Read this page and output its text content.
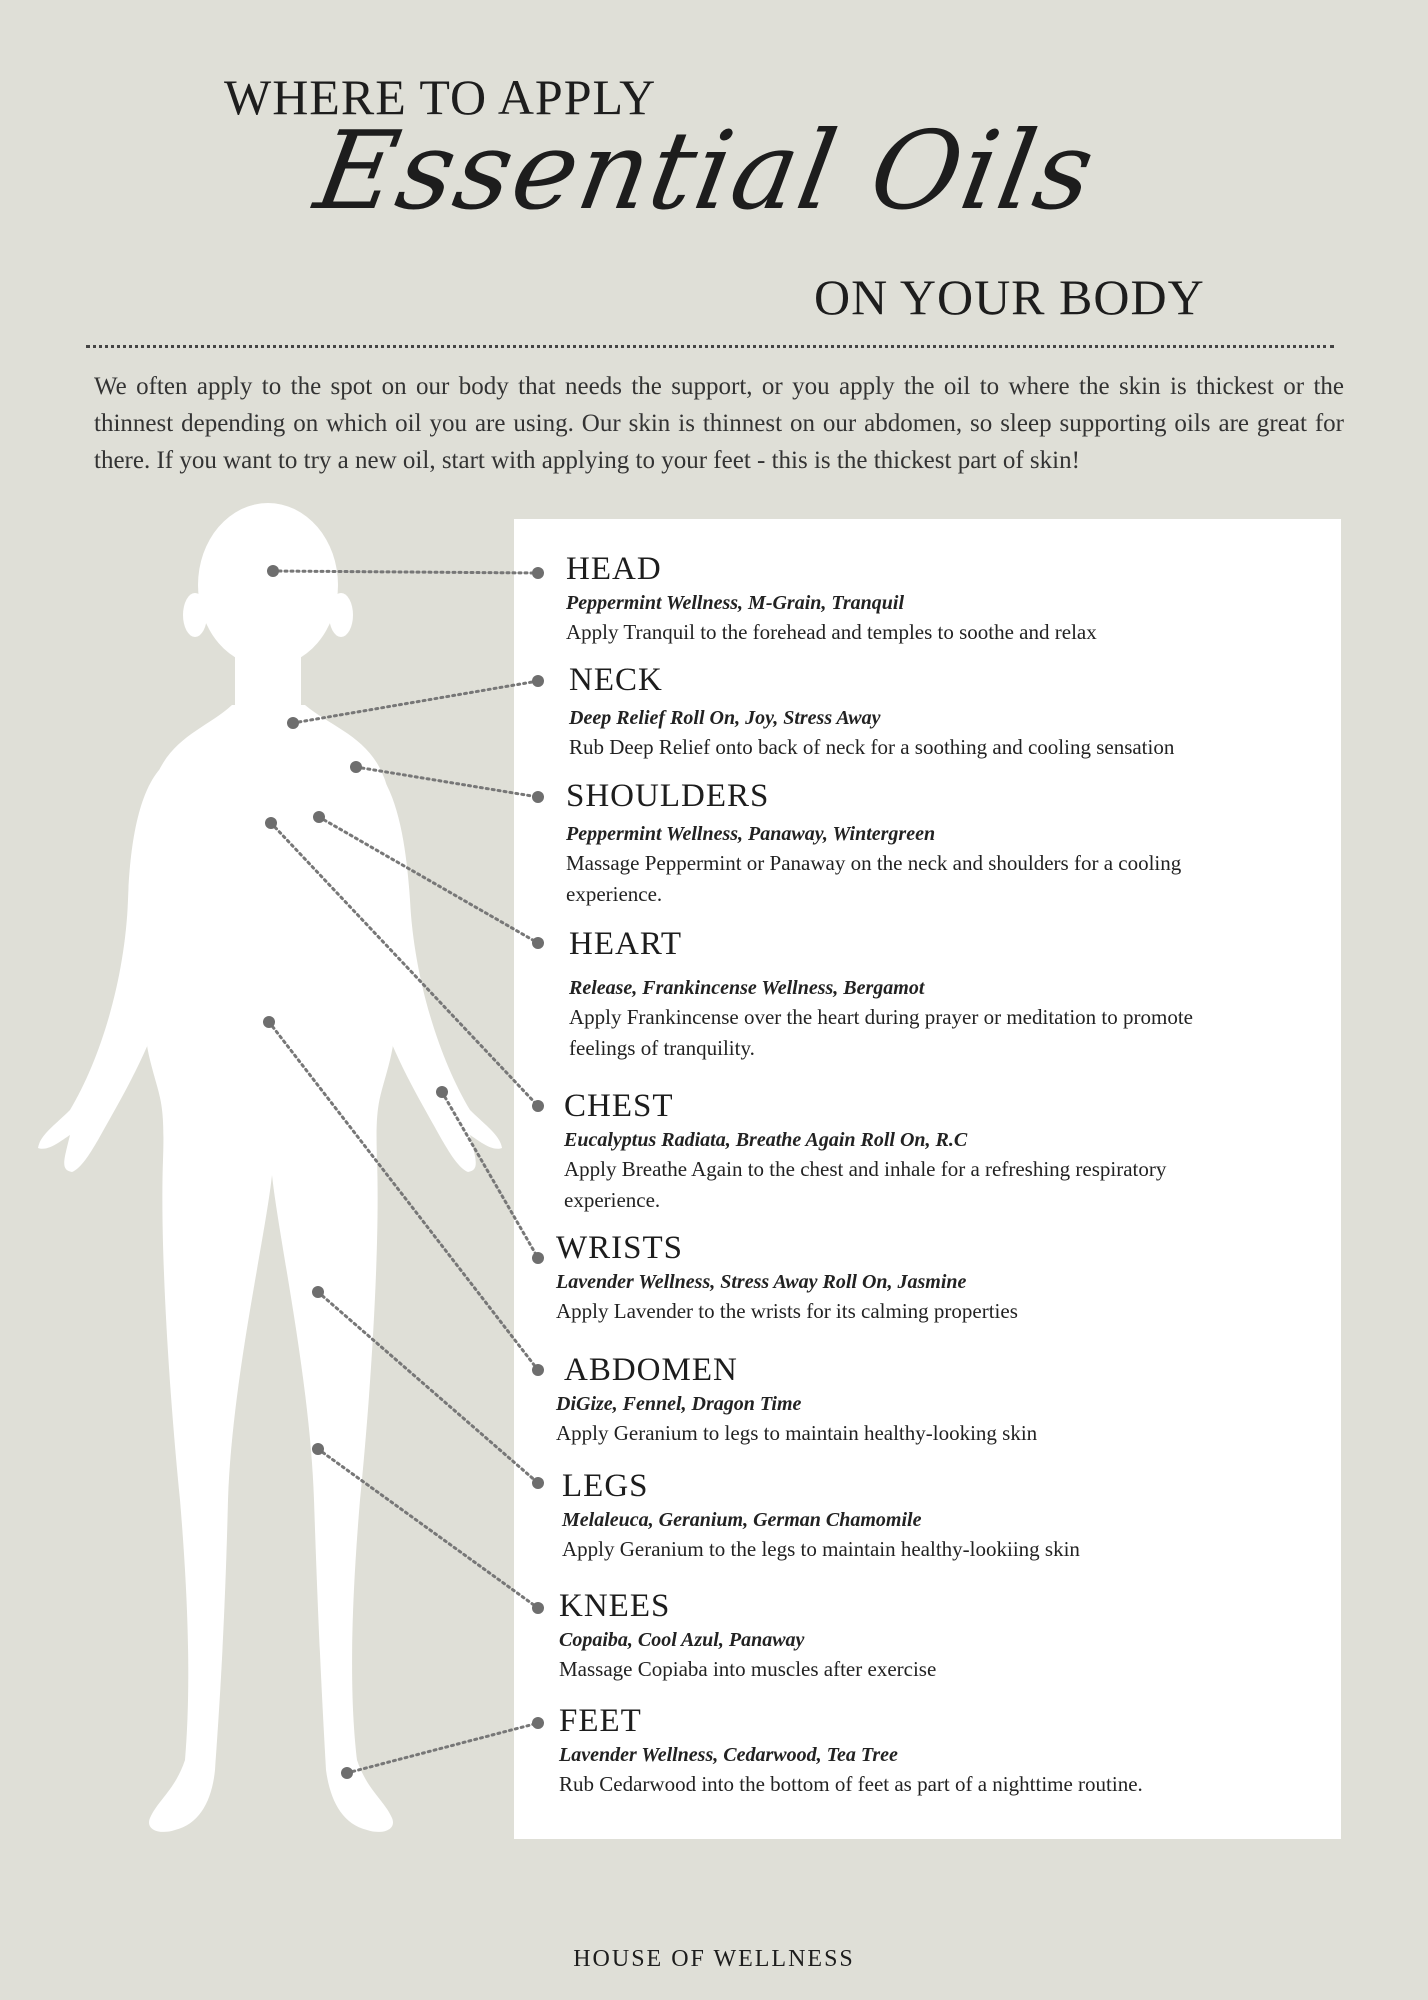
WHERE TO APPLY
Essential Oils
ON YOUR BODY

We often apply to the spot on our body that needs the support, or you apply the oil to where the skin is thickest or the thinnest depending on which oil you are using. Our skin is thinnest on our abdomen, so sleep supporting oils are great for there. If you want to try a new oil, start with applying to your feet - this is the thickest part of skin!

HEAD
Peppermint Wellness, M-Grain, Tranquil
Apply Tranquil to the forehead and temples to soothe and relax
NECK
Deep Relief Roll On, Joy, Stress Away
Rub Deep Relief onto back of neck for a soothing and cooling sensation
SHOULDERS
Peppermint Wellness, Panaway, Wintergreen
Massage Peppermint or Panaway on the neck and shoulders for a cooling experience.
HEART
Release, Frankincense Wellness, Bergamot
Apply Frankincense over the heart during prayer or meditation to promote feelings of tranquility.
CHEST
Eucalyptus Radiata, Breathe Again Roll On, R.C
Apply Breathe Again to the chest and inhale for a refreshing respiratory experience.
WRISTS
Lavender Wellness, Stress Away Roll On, Jasmine
Apply Lavender to the wrists for its calming properties
ABDOMEN
DiGize, Fennel, Dragon Time
Apply Geranium to legs to maintain healthy-looking skin
LEGS
Melaleuca, Geranium, German Chamomile
Apply Geranium to the legs to maintain healthy-lookiing skin
KNEES
Copaiba, Cool Azul, Panaway
Massage Copiaba into muscles after exercise
FEET
Lavender Wellness, Cedarwood, Tea Tree
Rub Cedarwood into the bottom of feet as part of a nighttime routine.
HOUSE OF WELLNESS
